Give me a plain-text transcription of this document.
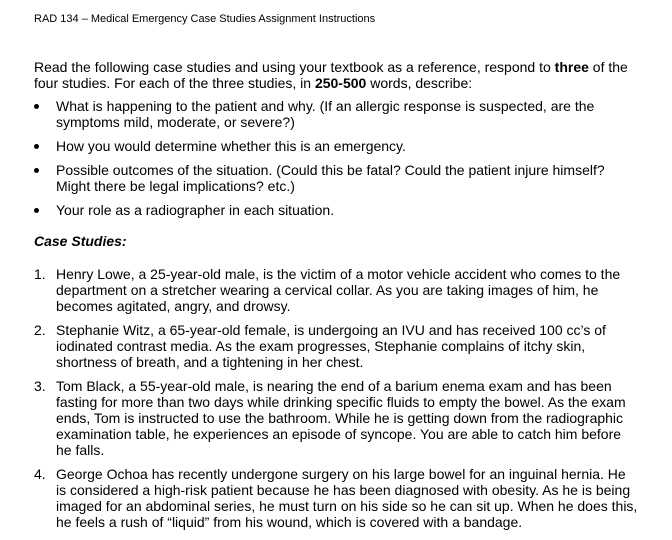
RAD 134 – Medical Emergency Case Studies Assignment Instructions

Read the following case studies and using your textbook as a reference, respond to three of the four studies. For each of the three studies, in 250-500 words, describe:

What is happening to the patient and why. (If an allergic response is suspected, are the symptoms mild, moderate, or severe?)
How you would determine whether this is an emergency.
Possible outcomes of the situation. (Could this be fatal? Could the patient injure himself? Might there be legal implications? etc.)
Your role as a radiographer in each situation.

Case Studies:

1. Henry Lowe, a 25-year-old male, is the victim of a motor vehicle accident who comes to the department on a stretcher wearing a cervical collar. As you are taking images of him, he becomes agitated, angry, and drowsy.
2. Stephanie Witz, a 65-year-old female, is undergoing an IVU and has received 100 cc’s of iodinated contrast media. As the exam progresses, Stephanie complains of itchy skin, shortness of breath, and a tightening in her chest.
3. Tom Black, a 55-year-old male, is nearing the end of a barium enema exam and has been fasting for more than two days while drinking specific fluids to empty the bowel. As the exam ends, Tom is instructed to use the bathroom. While he is getting down from the radiographic examination table, he experiences an episode of syncope. You are able to catch him before he falls.
4. George Ochoa has recently undergone surgery on his large bowel for an inguinal hernia. He is considered a high-risk patient because he has been diagnosed with obesity. As he is being imaged for an abdominal series, he must turn on his side so he can sit up. When he does this, he feels a rush of “liquid” from his wound, which is covered with a bandage.
